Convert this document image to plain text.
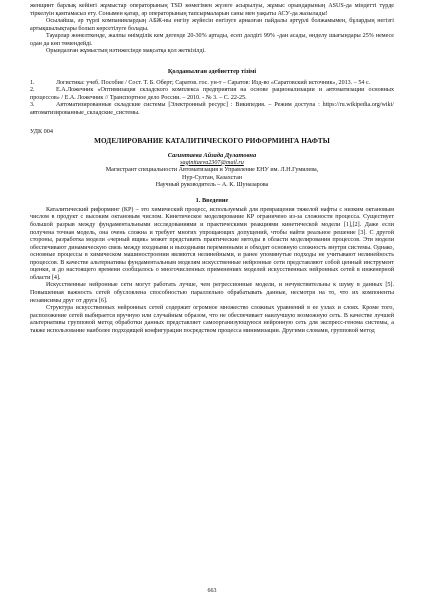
женщинт барлық кейінгі жұмыстар операторының TSD көмегімен жүзеге асырылуы, жұмыс орындарының ASUS-да міндетті түрде тіркелуін қамтамасыз ету. Сонымен қатар, әр операторының тапсырмаларын саны мен уақыты АСУ-да жазылады!

Осылайша, әр түрлі компаниялардың АБЖ-ны енгізу жүйесін енгізуге арналған пайдалы әртүрлі болжамымен, бұлардың негізгі артықшылықтары болып көрсетілуге болады.

Тауарлар жөнелткенде, жалпы өнімділік кем дегенде 20-30% артады, есеп дәлдігі 99% -дан асады, өнделу шығындары 25% немесе одан да көп төмендейді.

Орындалған жұмыстың нәтижесінде мақсатқа қол жеткізілді.

Қолданылған әдебиеттер тізімі

1.	Логистика: учеб. Пособие / Сост. Т. Б. Оберт; Саратов. гос. ун-т – Саратов: Изд-во «Саратовский источник», 2013. – 54 с.

2.	Е.А.Ложечник «Оптимизация складского комплекса предприятия на основе рационализации и автоматизации основных процессов» / Е.А. Ложечник // Транспортное дело России. – 2010. - № 3. – С. 22-25.

3.	Автоматизированные складские системы [Электронный ресурс] : Википедия. – Режим доступа : https://ru.wikipedia.org/wiki/автоматизированные_складские_системы.

УДК 004
МОДЕЛИРОВАНИЕ КАТАЛИТИЧЕСКОГО РИФОРМИНГА НАФТЫ
Сагинтаева Айзада Дулатовна
saginitaeva2307@mail.ru
Магистрант специальности Автоматизация и Управление ЕНУ им. Л.Н.Гумилева,
Нур-Султан, Казахстан
Научный руководитель – А. К. Шуназарова
1. Введение

Каталитический риформинг (КР) – это химический процесс, используемый для превращения тяжелой нафты с низким октановым числом в продукт с высоким октановым числом. Кинетическое моделирование КР ограничено из-за сложности процесса. Существует большой разрыв между фундаментальными исследованиями и практическими реакциями кинетической модели [1],[2]. Даже если получена точная модель, она очень сложна и требует многих упрощающих допущений, чтобы найти реальное решение [3]. С другой стороны, разработка модели «черный ящик» может представить практические методы в области моделирования процессов. Эти модели обеспечивают динамическую связь между входными и выходными переменными и обходят основную сложность внутри системы. Однако, основные процессы в химическом машиностроении являются нелинейными, и ранее упомянутые подходы не учитывают нелинейность процессов. В качестве альтернативы фундаментальным моделям искусственные нейронные сети представляют собой ценный инструмент оценки, и до настоящего времени сообщалось о многочисленных применениях моделей искусственных нейронных сетей в инженерной области [4].

Искусственные нейронные сети могут работать лучше, чем регрессионные модели, и нечувствительны к шуму в данных [5]. Повышенная важность сетей обусловлена способностью параллельно обрабатывать данные, несмотря на то, что их компоненты независимы друг от друга [6].

Структура искусственных нейронных сетей содержит огромное множество сложных уравнений в ее узлах и слоях. Кроме того, расположение сетей выбирается вручную или случайным образом, что не обеспечивает наилучшую возможную сеть. В качестве лучшей альтернативы групповой метод обработки данных представляет самоорганизующуюся нейронную сеть для экспресс-генома системы, а также использование наиболее подходящей конфигурации посредством процесса минимизации. Другими словами, групповой метод

663
